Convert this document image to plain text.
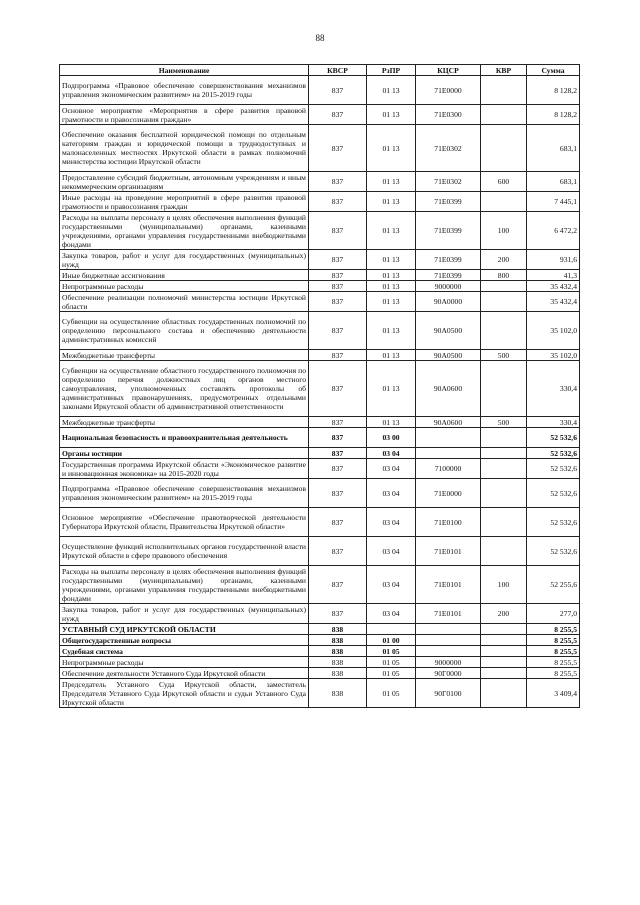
88
Наименование	КВСР	РзПР	КЦСР	КВР	Сумма
Подпрограмма «Правовое обеспечение совершенствования механизмов управления экономическим развитием» на 2015-2019 годы	837	01 13	71Е0000		8 128,2
Основное мероприятие «Мероприятия в сфере развития правовой грамотности и правосознания граждан»	837	01 13	71Е0300		8 128,2
Обеспечение оказания бесплатной юридической помощи по отдельным категориям граждан и юридической помощи в труднодоступных и малонаселенных местностях Иркутской области в рамках полномочий министерства юстиции Иркутской области	837	01 13	71Е0302		683,1
Предоставление субсидий бюджетным, автономным учреждениям и иным некоммерческим организациям	837	01 13	71Е0302	600	683,1
Иные расходы на проведение мероприятий в сфере развития правовой грамотности и правосознания граждан	837	01 13	71Е0399		7 445,1
Расходы на выплаты персоналу в целях обеспечения выполнения функций государственными (муниципальными) органами, казенными учреждениями, органами управления государственными внебюджетными фондами	837	01 13	71Е0399	100	6 472,2
Закупка товаров, работ и услуг для государственных (муниципальных) нужд	837	01 13	71Е0399	200	931,6
Иные бюджетные ассигнования	837	01 13	71Е0399	800	41,3
Непрограммные расходы	837	01 13	9000000		35 432,4
Обеспечение реализации полномочий министерства юстиции Иркутской области	837	01 13	90А0000		35 432,4
Субвенции на осуществление областных государственных полномочий по определению персонального состава и обеспечению деятельности административных комиссий	837	01 13	90А0500		35 102,0
Межбюджетные трансферты	837	01 13	90А0500	500	35 102,0
Субвенции на осуществление областного государственного полномочия по определению перечня должностных лиц органов местного самоуправления, уполномоченных составлять протоколы об административных правонарушениях, предусмотренных отдельными законами Иркутской области об административной ответственности	837	01 13	90А0600		330,4
Межбюджетные трансферты	837	01 13	90А0600	500	330,4
Национальная безопасность и правоохранительная деятельность	837	03 00			52 532,6
Органы юстиции	837	03 04			52 532,6
Государственная программа Иркутской области «Экономическое развитие и инновационная экономика» на 2015-2020 годы	837	03 04	7100000		52 532,6
Подпрограмма «Правовое обеспечение совершенствования механизмов управления экономическим развитием» на 2015-2019 годы	837	03 04	71Е0000		52 532,6
Основное мероприятие «Обеспечение правотворческой деятельности Губернатора Иркутской области, Правительства Иркутской области»	837	03 04	71Е0100		52 532,6
Осуществление функций исполнительных органов государственной власти Иркутской области в сфере правового обеспечения	837	03 04	71Е0101		52 532,6
Расходы на выплаты персоналу в целях обеспечения выполнения функций государственными (муниципальными) органами, казенными учреждениями, органами управления государственными внебюджетными фондами	837	03 04	71Е0101	100	52 255,6
Закупка товаров, работ и услуг для государственных (муниципальных) нужд	837	03 04	71Е0101	200	277,0
УСТАВНЫЙ СУД ИРКУТСКОЙ ОБЛАСТИ	838				8 255,5
Общегосударственные вопросы	838	01 00			8 255,5
Судебная система	838	01 05			8 255,5
Непрограммные расходы	838	01 05	9000000		8 255,5
Обеспечение деятельности Уставного Суда Иркутской области	838	01 05	90Г0000		8 255,5
Председатель Уставного Суда Иркутской области, заместитель Председателя Уставного Суда Иркутской области и судьи Уставного Суда Иркутской области	838	01 05	90Г0100		3 409,4
